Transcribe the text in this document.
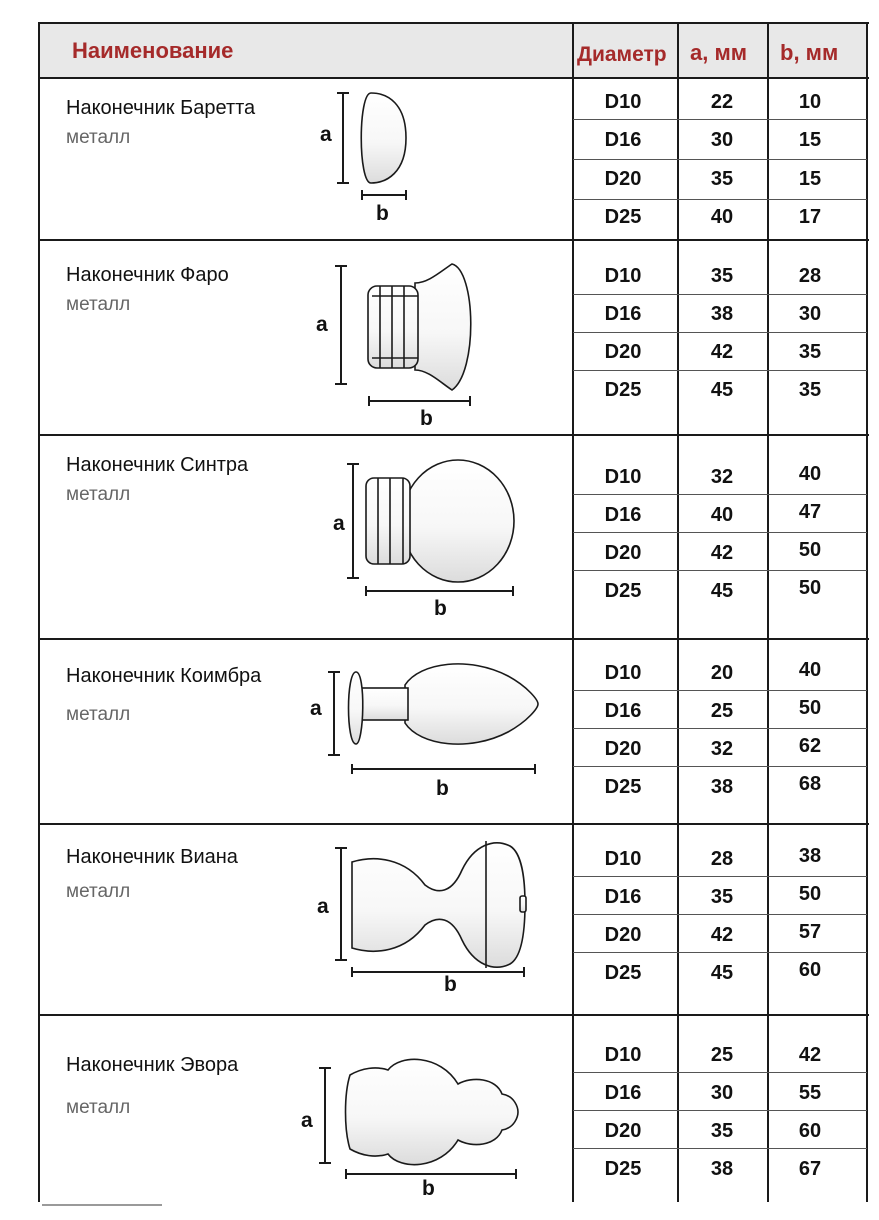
Наименование	Диаметр a, мм b, мм
Наконечник Баретта
металл	a
b
D10	22	10
D16	30	15
D20	35	15
D25	40	17
Наконечник Фаро
металл
a
b
D10	35	28
D16	38	30
D20	42	35
D25	45	35
Наконечник Синтра
металл
a
b
D10	32	40
D16	40	47
D20	42	50
D25	45	50
Наконечник Коимбра
металл	a
b
D10	20	40
D16	25	50
D20	32	62
D25	38	68
Наконечник Виана
металл
a
b
D10	28	38
D16	35	50
D20	42	57
D25	45	60
Наконечник Эвора
металл
a
b
D10	25	42
D16	30	55
D20	35	60
D25	38	67
